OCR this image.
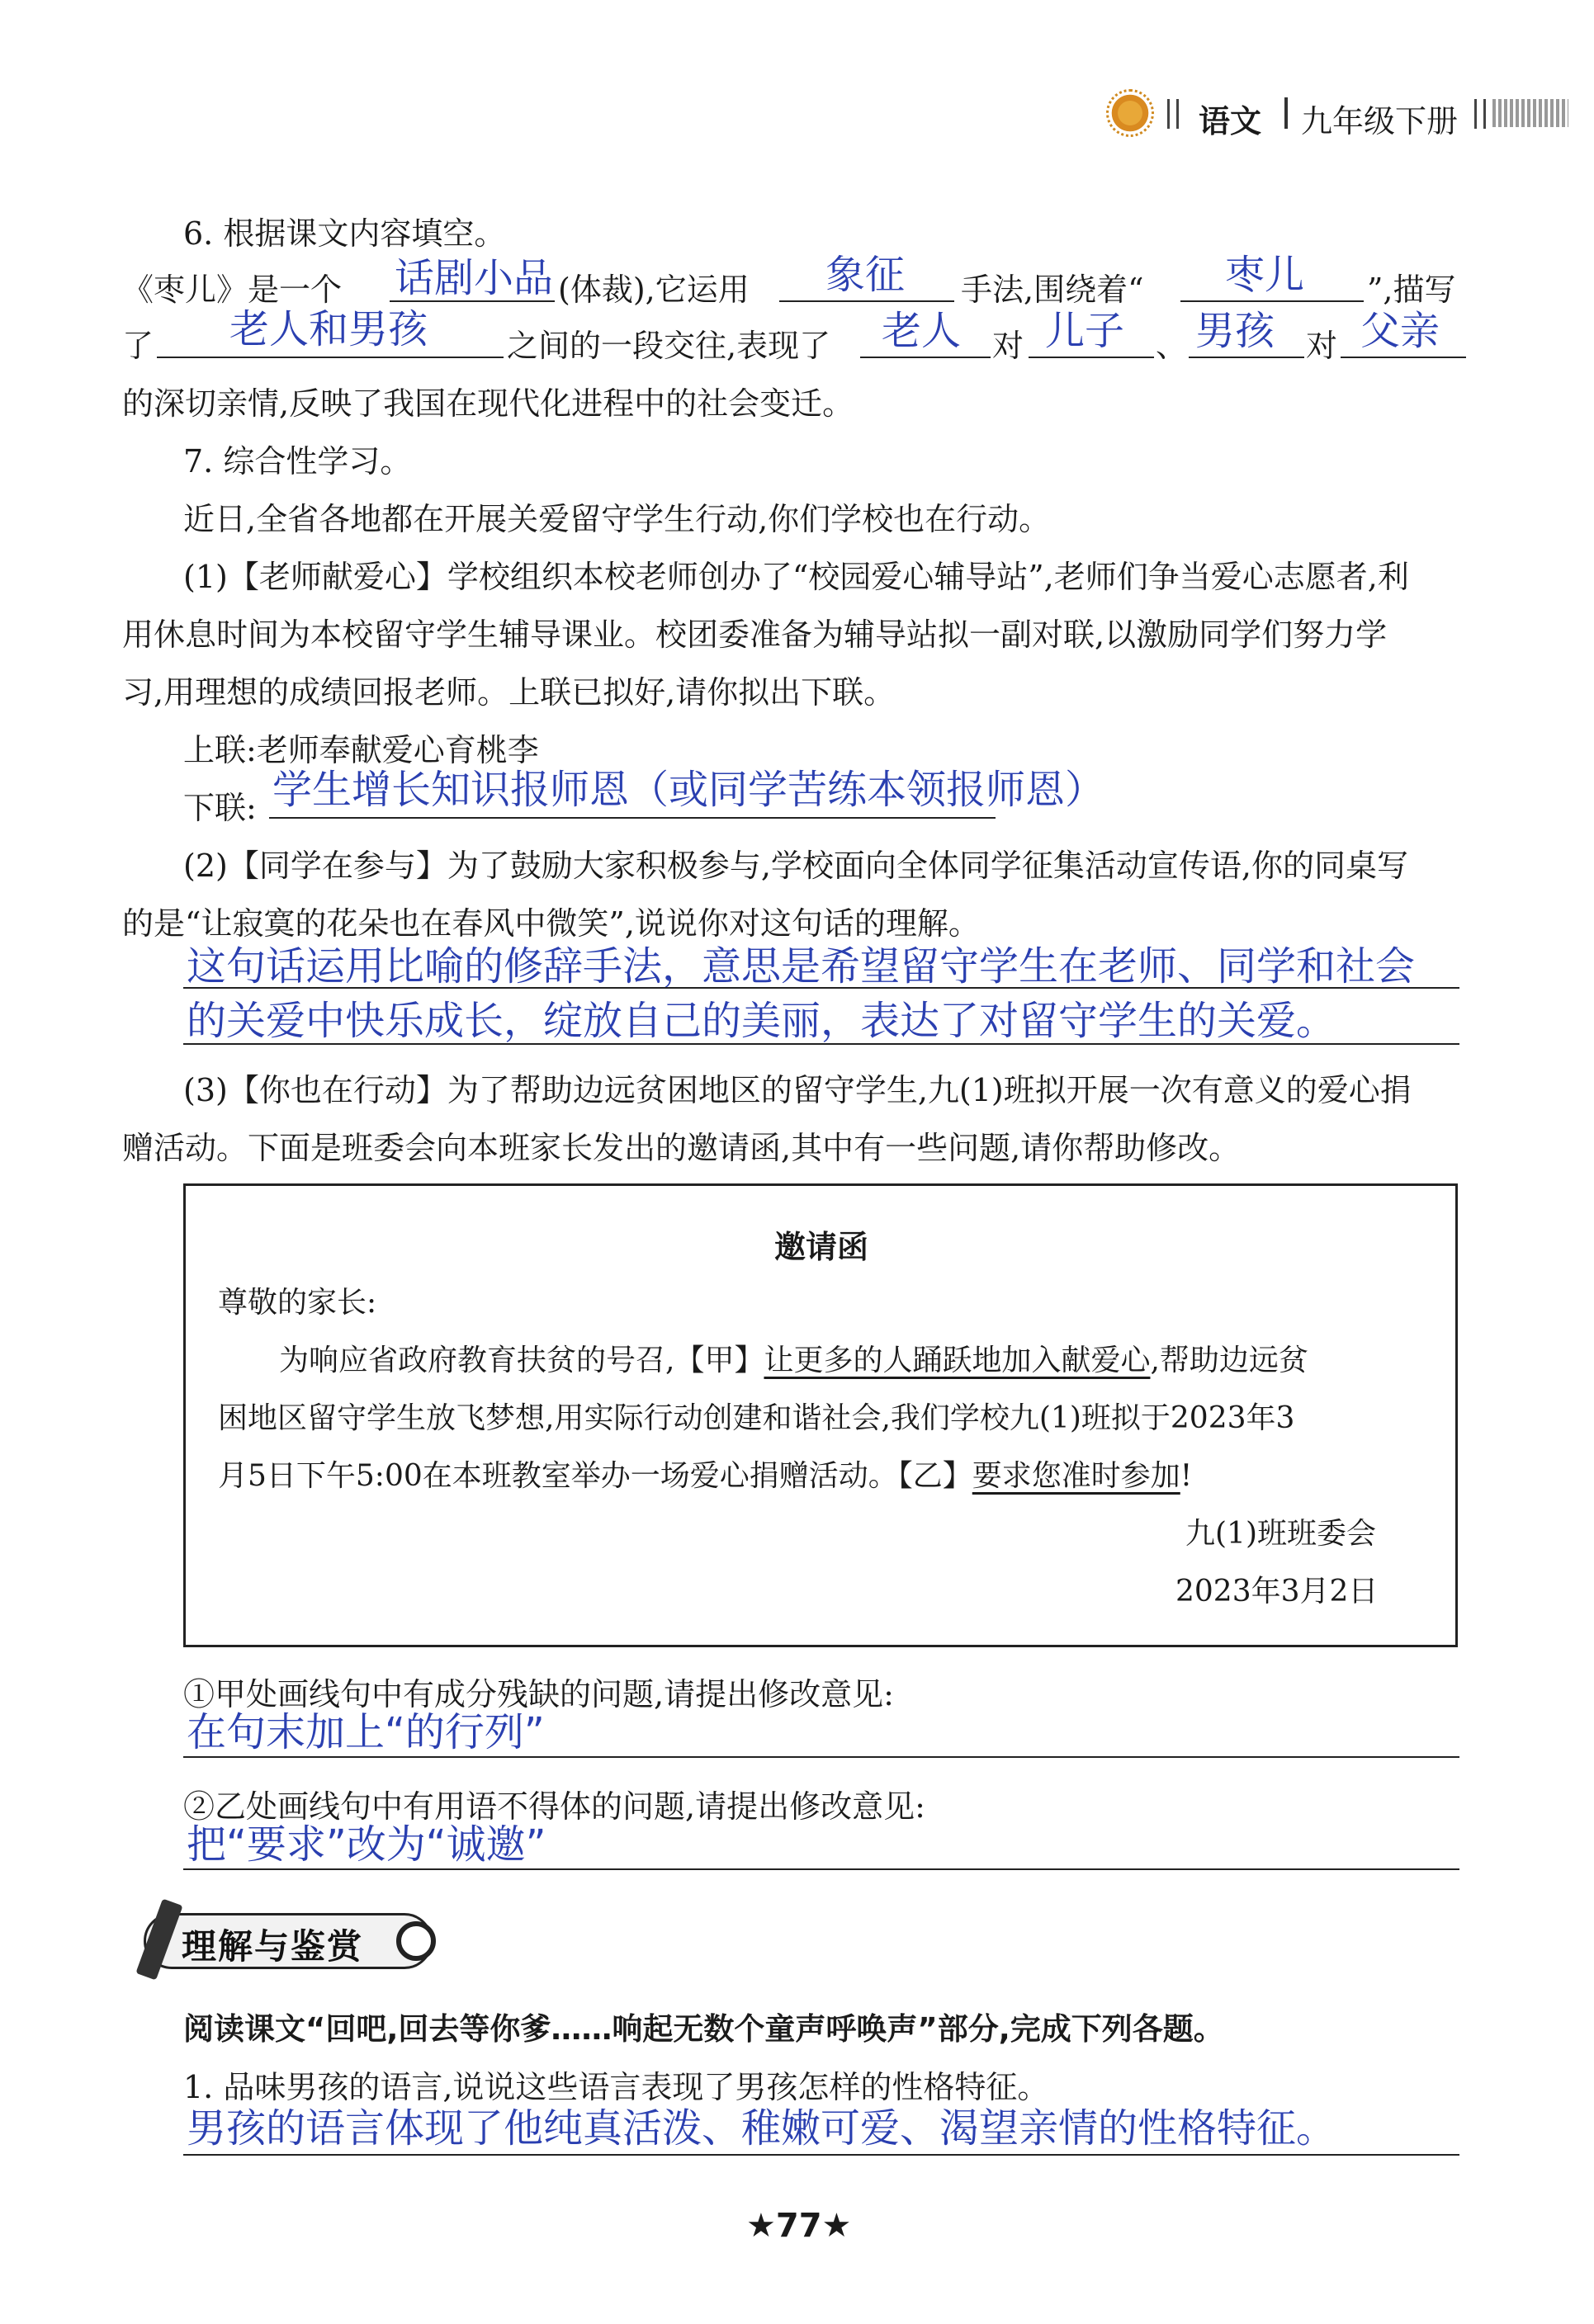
语文 九年级下册
6. 根据课文内容填空。
《枣儿》是一个 话剧小品 (体裁),它运用 象征 手法,围绕着“ 枣儿 ”,描写
了 老人和男孩	之间的一段交往,表现了 老人 对 儿子 、 男孩 对 父亲
的深切亲情,反映了我国在现代化进程中的社会变迁。
7. 综合性学习。
近日,全省各地都在开展关爱留守学生行动,你们学校也在行动。
(1)【老师献爱心】学校组织本校老师创办了“校园爱心辅导站”,老师们争当爱心志愿者,利
用休息时间为本校留守学生辅导课业。校团委准备为辅导站拟一副对联,以激励同学们努力学
习,用理想的成绩回报老师。上联已拟好,请你拟出下联。
上联:老师奉献爱心育桃李
下联: 学生增长知识报师恩（或同学苦练本领报师恩）
(2)【同学在参与】为了鼓励大家积极参与,学校面向全体同学征集活动宣传语,你的同桌写
的是“让寂寞的花朵也在春风中微笑”,说说你对这句话的理解。
这句话运用比喻的修辞手法，意思是希望留守学生在老师、同学和社会
的关爱中快乐成长，绽放自己的美丽，表达了对留守学生的关爱。
(3)【你也在行动】为了帮助边远贫困地区的留守学生,九(1)班拟开展一次有意义的爱心捐
赠活动。下面是班委会向本班家长发出的邀请函,其中有一些问题,请你帮助修改。
邀请函
尊敬的家长:
为响应省政府教育扶贫的号召,【甲】让更多的人踊跃地加入献爱心,帮助边远贫
困地区留守学生放飞梦想,用实际行动创建和谐社会,我们学校九(1)班拟于2023年3
月5日下午5:00在本班教室举办一场爱心捐赠活动。【乙】要求您准时参加!
九(1)班班委会
2023年3月2日
①甲处画线句中有成分残缺的问题,请提出修改意见:
在句末加上“的行列”
②乙处画线句中有用语不得体的问题,请提出修改意见:
把“要求”改为“诚邀”
理解与鉴赏
阅读课文“回吧,回去等你爹……响起无数个童声呼唤声”部分,完成下列各题。
1. 品味男孩的语言,说说这些语言表现了男孩怎样的性格特征。
男孩的语言体现了他纯真活泼、稚嫩可爱、渴望亲情的性格特征。
★77★
